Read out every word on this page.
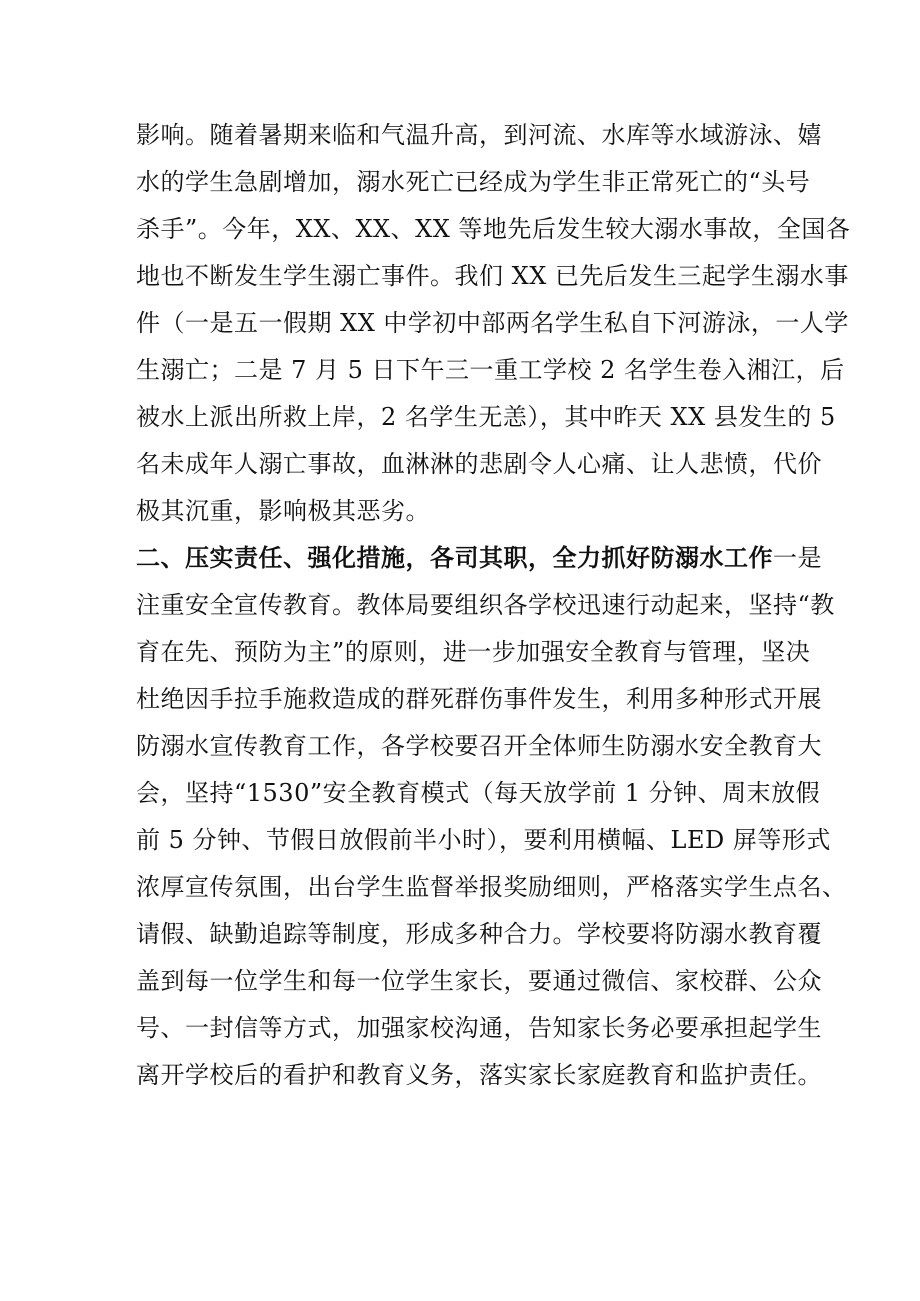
影响。随着暑期来临和气温升高，到河流、水库等水域游泳、嬉
水的学生急剧增加，溺水死亡已经成为学生非正常死亡的“头号
杀手”。今年，XX、XX、XX 等地先后发生较大溺水事故，全国各
地也不断发生学生溺亡事件。我们 XX 已先后发生三起学生溺水事
件（一是五一假期 XX 中学初中部两名学生私自下河游泳，一人学
生溺亡；二是 7 月 5 日下午三一重工学校 2 名学生卷入湘江，后
被水上派出所救上岸，2 名学生无恙），其中昨天 XX 县发生的 5
名未成年人溺亡事故，血淋淋的悲剧令人心痛、让人悲愤，代价
极其沉重，影响极其恶劣。
二、压实责任、强化措施，各司其职，全力抓好防溺水工作一是
注重安全宣传教育。教体局要组织各学校迅速行动起来，坚持“教
育在先、预防为主”的原则，进一步加强安全教育与管理，坚决
杜绝因手拉手施救造成的群死群伤事件发生，利用多种形式开展
防溺水宣传教育工作，各学校要召开全体师生防溺水安全教育大
会，坚持“1530”安全教育模式（每天放学前 1 分钟、周末放假
前 5 分钟、节假日放假前半小时），要利用横幅、LED 屏等形式
浓厚宣传氛围，出台学生监督举报奖励细则，严格落实学生点名、
请假、缺勤追踪等制度，形成多种合力。学校要将防溺水教育覆
盖到每一位学生和每一位学生家长，要通过微信、家校群、公众
号、一封信等方式，加强家校沟通，告知家长务必要承担起学生
离开学校后的看护和教育义务，落实家长家庭教育和监护责任。
